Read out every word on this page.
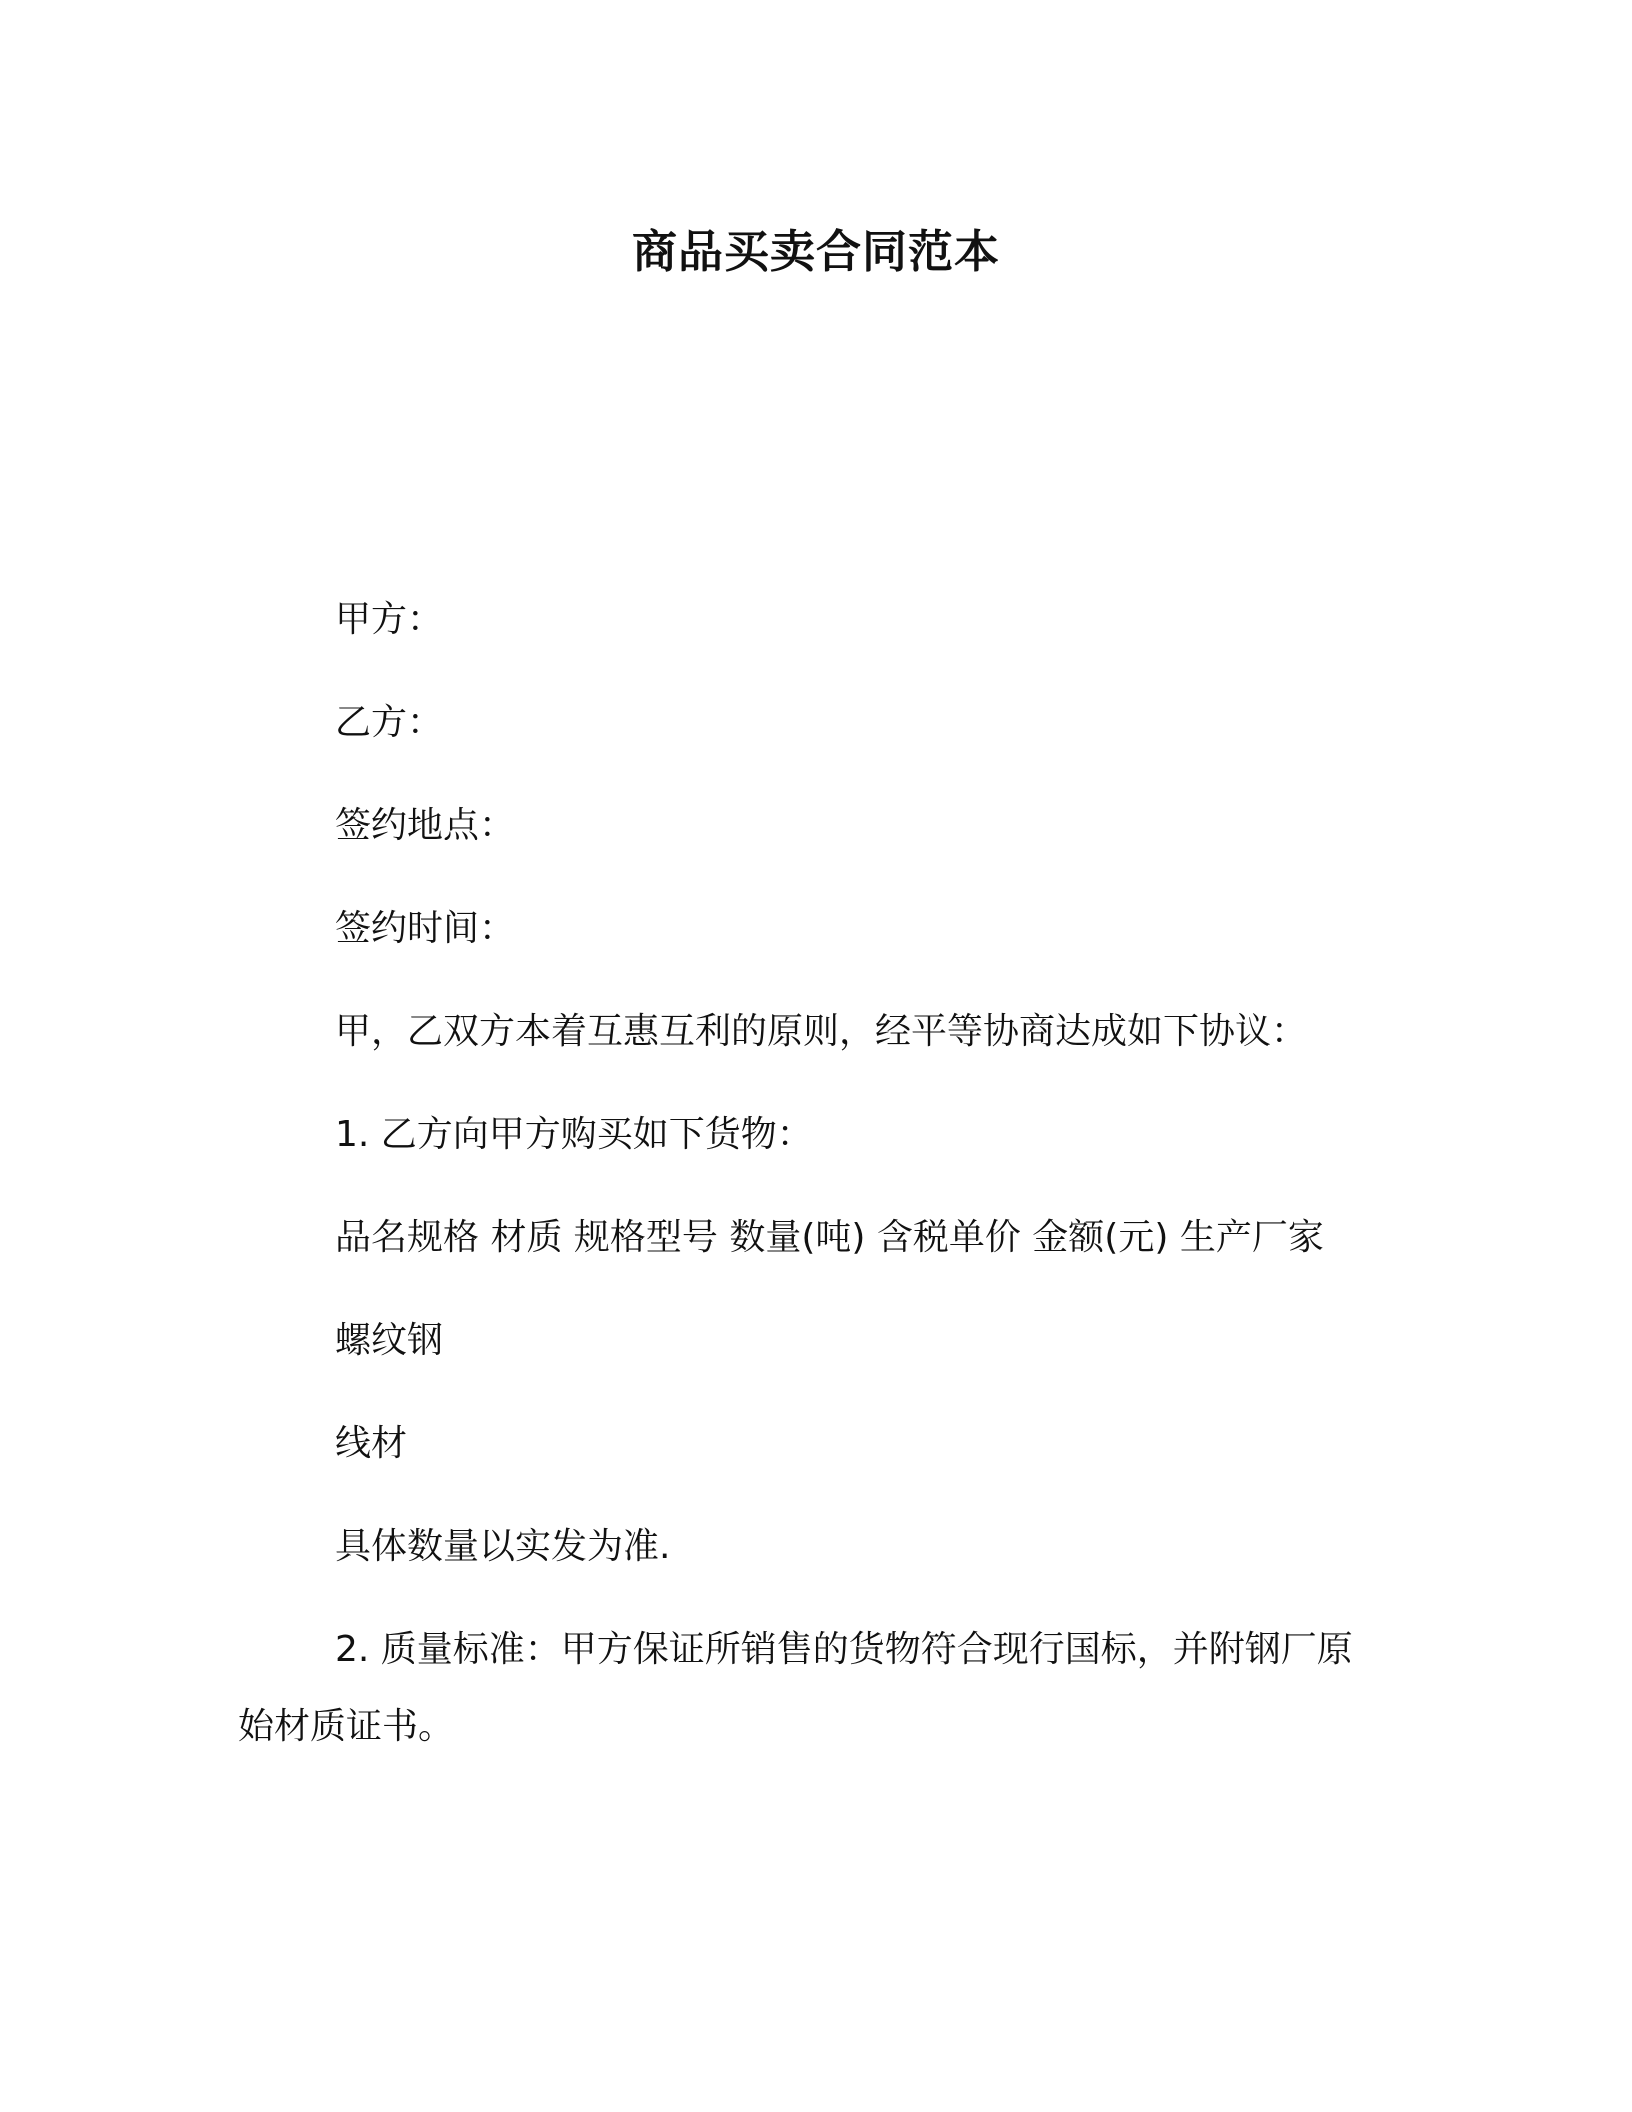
商品买卖合同范本
甲方：
乙方：
签约地点：
签约时间：
甲，乙双方本着互惠互利的原则，经平等协商达成如下协议：
1. 乙方向甲方购买如下货物：
品名规格 材质 规格型号 数量(吨) 含税单价 金额(元) 生产厂家
螺纹钢
线材
具体数量以实发为准.
2. 质量标准：甲方保证所销售的货物符合现行国标，并附钢厂原
始材质证书。
